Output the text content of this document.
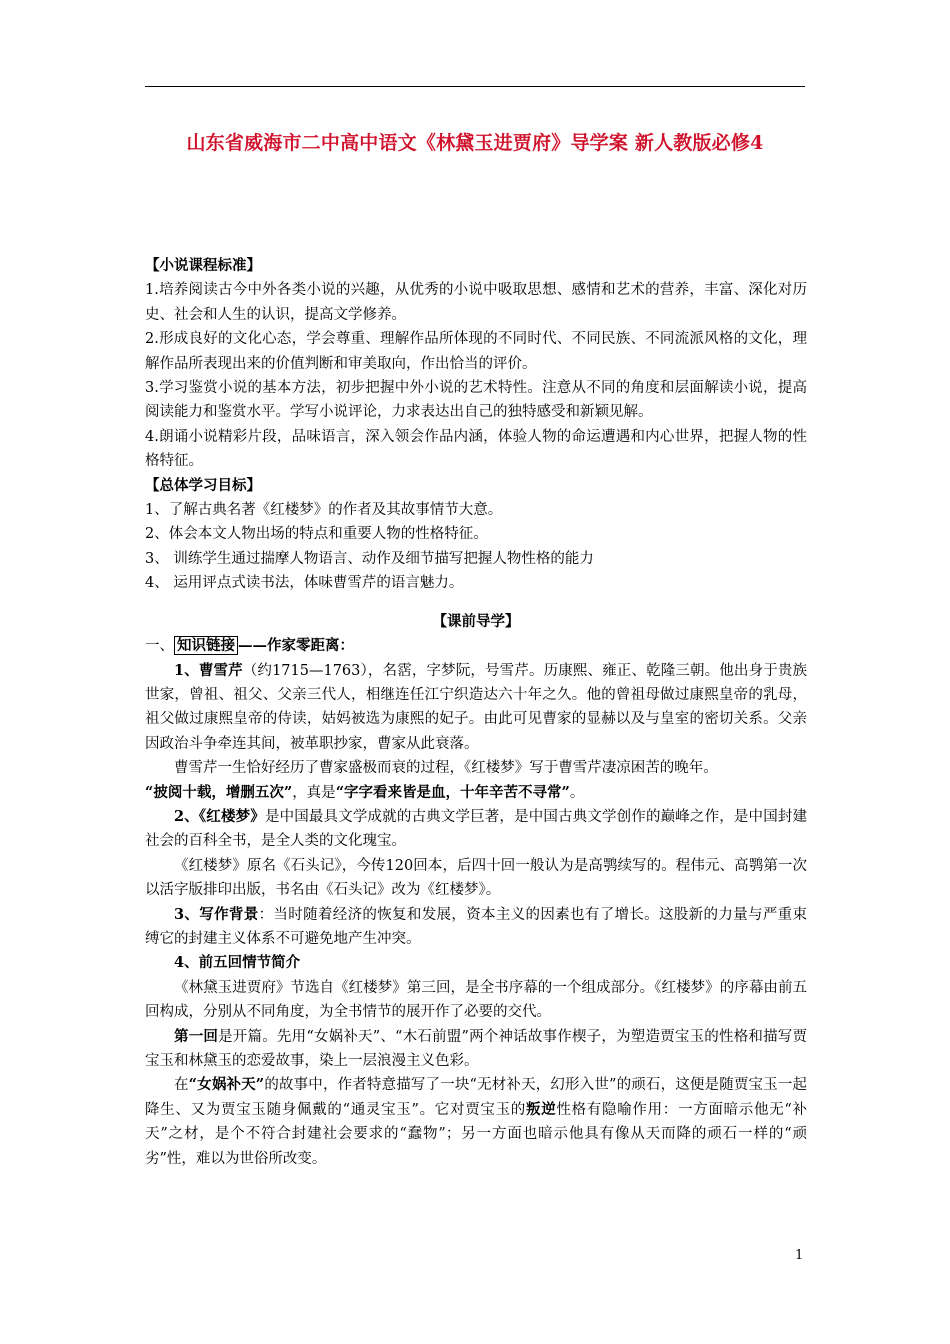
山东省威海市二中高中语文《林黛玉进贾府》导学案 新人教版必修4

【小说课程标准】

1.培养阅读古今中外各类小说的兴趣，从优秀的小说中吸取思想、感情和艺术的营养，丰富、深化对历史、社会和人生的认识，提高文学修养。

2.形成良好的文化心态，学会尊重、理解作品所体现的不同时代、不同民族、不同流派风格的文化，理解作品所表现出来的价值判断和审美取向，作出恰当的评价。

3.学习鉴赏小说的基本方法，初步把握中外小说的艺术特性。注意从不同的角度和层面解读小说，提高阅读能力和鉴赏水平。学写小说评论，力求表达出自己的独特感受和新颖见解。

4.朗诵小说精彩片段，品味语言，深入领会作品内涵，体验人物的命运遭遇和内心世界，把握人物的性格特征。

【总体学习目标】

1、了解古典名著《红楼梦》的作者及其故事情节大意。

2、体会本文人物出场的特点和重要人物的性格特征。

3、 训练学生通过揣摩人物语言、动作及细节描写把握人物性格的能力

4、 运用评点式读书法，体味曹雪芹的语言魅力。

【课前导学】

一、 知识链接 ——作家零距离：

1、曹雪芹（约1715—1763），名霑，字梦阮，号雪芹。历康熙、雍正、乾隆三朝。他出身于贵族世家，曾祖、祖父、父亲三代人，相继连任江宁织造达六十年之久。他的曾祖母做过康熙皇帝的乳母，祖父做过康熙皇帝的侍读，姑妈被选为康熙的妃子。由此可见曹家的显赫以及与皇室的密切关系。父亲因政治斗争牵连其间，被革职抄家，曹家从此衰落。

曹雪芹一生恰好经历了曹家盛极而衰的过程，《红楼梦》写于曹雪芹凄凉困苦的晚年。

“披阅十载，增删五次”，真是“字字看来皆是血，十年辛苦不寻常”。

2、《红楼梦》是中国最具文学成就的古典文学巨著，是中国古典文学创作的巅峰之作，是中国封建社会的百科全书，是全人类的文化瑰宝。

《红楼梦》原名《石头记》，今传120回本，后四十回一般认为是高鹗续写的。程伟元、高鹗第一次以活字版排印出版，书名由《石头记》改为《红楼梦》。

3、写作背景：当时随着经济的恢复和发展，资本主义的因素也有了增长。这股新的力量与严重束缚它的封建主义体系不可避免地产生冲突。

4、前五回情节简介

《林黛玉进贾府》节选自《红楼梦》第三回，是全书序幕的一个组成部分。《红楼梦》的序幕由前五回构成，分别从不同角度，为全书情节的展开作了必要的交代。

第一回是开篇。先用“女娲补天”、“木石前盟”两个神话故事作楔子，为塑造贾宝玉的性格和描写贾宝玉和林黛玉的恋爱故事，染上一层浪漫主义色彩。

在“女娲补天”的故事中，作者特意描写了一块“无材补天，幻形入世”的顽石，这便是随贾宝玉一起降生、又为贾宝玉随身佩戴的“通灵宝玉”。它对贾宝玉的叛逆性格有隐喻作用：一方面暗示他无“补天”之材，是个不符合封建社会要求的“蠢物”；另一方面也暗示他具有像从天而降的顽石一样的“顽劣”性，难以为世俗所改变。

1
